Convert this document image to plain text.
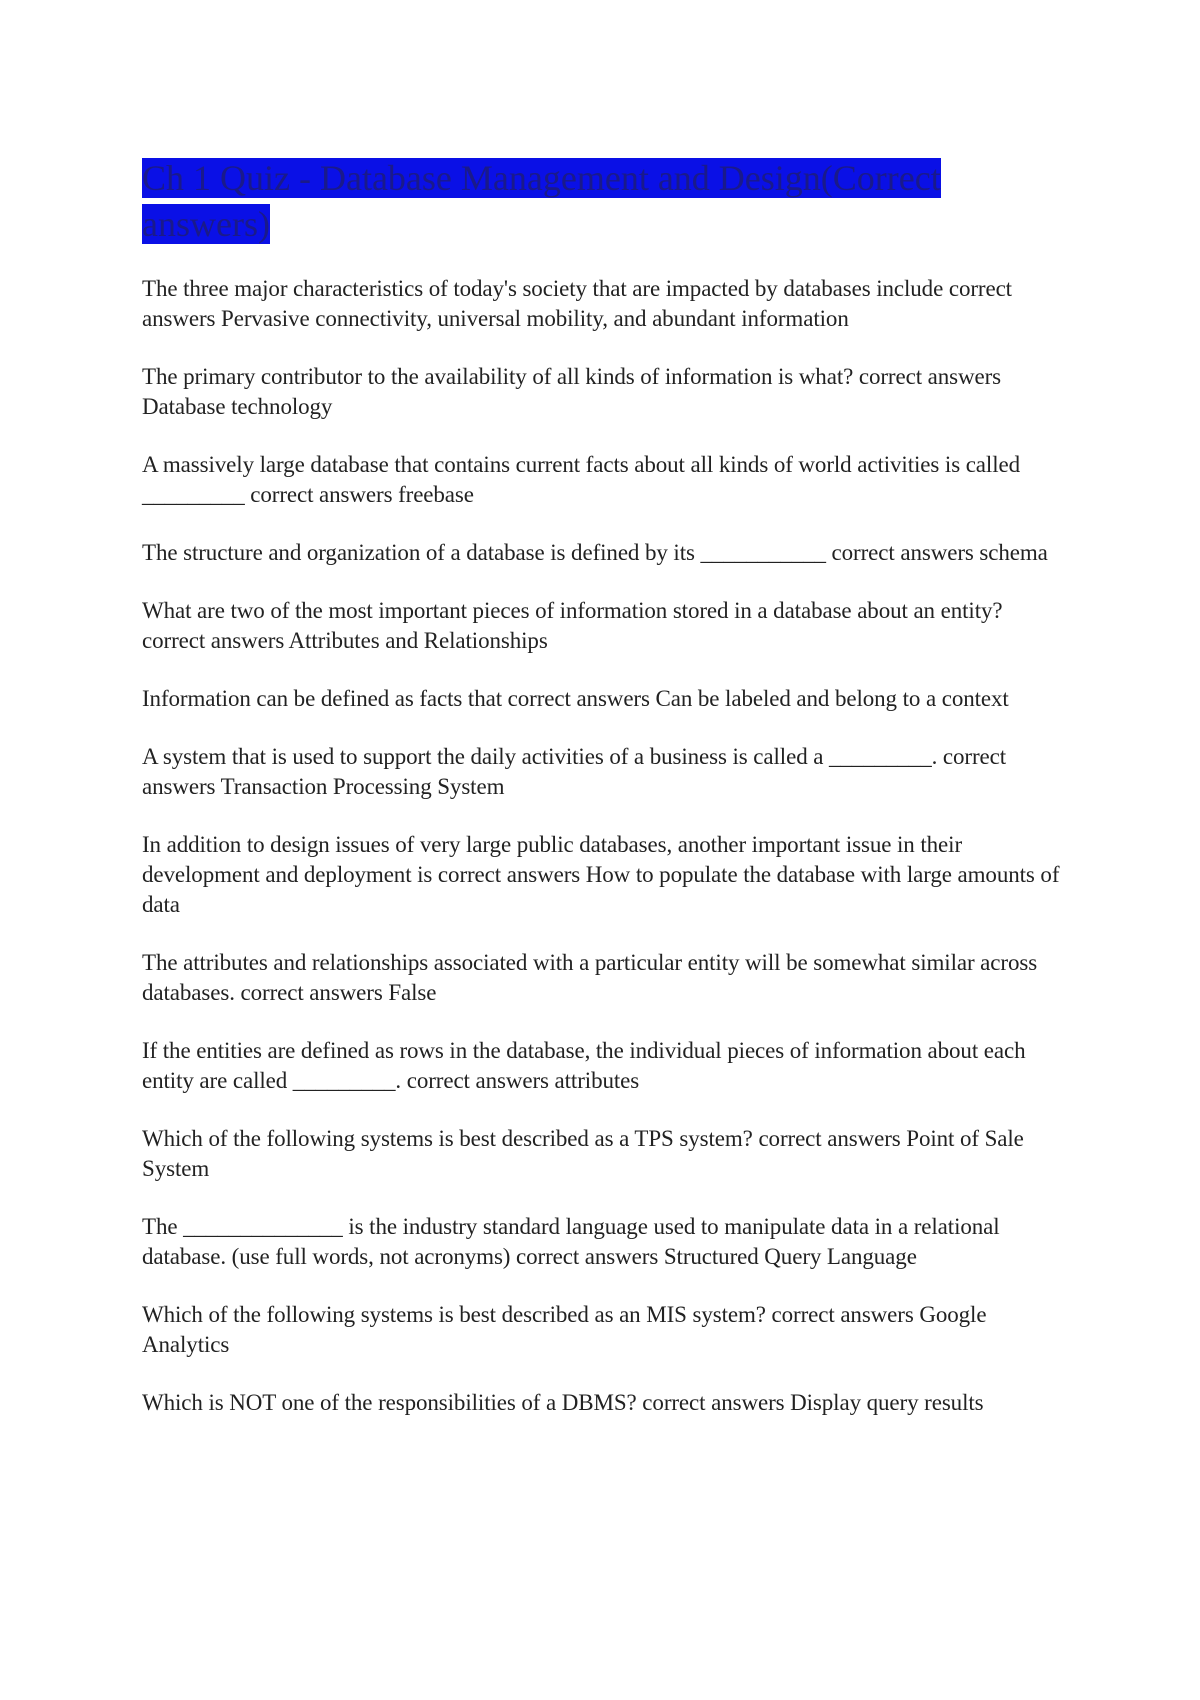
Ch 1 Quiz - Database Management and Design(Correct answers)

The three major characteristics of today's society that are impacted by databases include correct answers Pervasive connectivity, universal mobility, and abundant information

The primary contributor to the availability of all kinds of information is what? correct answers Database technology

A massively large database that contains current facts about all kinds of world activities is called _________ correct answers freebase

The structure and organization of a database is defined by its ___________ correct answers schema

What are two of the most important pieces of information stored in a database about an entity? correct answers Attributes and Relationships

Information can be defined as facts that correct answers Can be labeled and belong to a context

A system that is used to support the daily activities of a business is called a _________. correct answers Transaction Processing System

In addition to design issues of very large public databases, another important issue in their development and deployment is correct answers How to populate the database with large amounts of data

The attributes and relationships associated with a particular entity will be somewhat similar across databases. correct answers False

If the entities are defined as rows in the database, the individual pieces of information about each entity are called _________. correct answers attributes

Which of the following systems is best described as a TPS system? correct answers Point of Sale System

The ______________ is the industry standard language used to manipulate data in a relational database. (use full words, not acronyms) correct answers Structured Query Language

Which of the following systems is best described as an MIS system? correct answers Google Analytics

Which is NOT one of the responsibilities of a DBMS? correct answers Display query results
